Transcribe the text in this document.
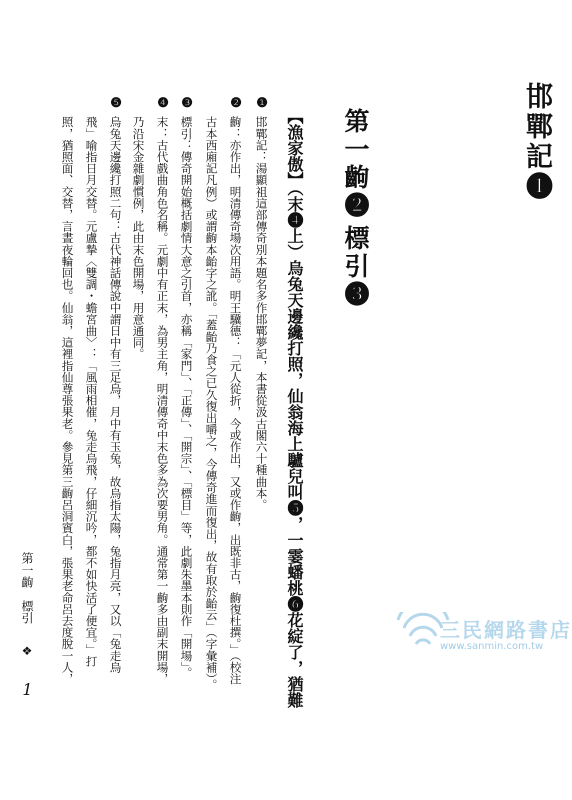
邯鄲記❶
第一齣❷
標引❸
【漁家傲】（末❹上）烏兔天邊纔打照，仙翁海上驢兒叫❺，一霎蟠桃❻花綻了，猶難
❶
邯鄲記：湯顯祖這部傳奇別本題名多作邯鄲夢記，本書從汲古閣六十種曲本。
❷
齣：亦作出，明清傳奇場次用語。明王驥德：「元人從折，今或作出，又或作齣，出既非古，齣復杜撰。」（校注
古本西廂記凡例）或謂齣本齝字之訛。「蓋齝乃食之已久復出嚼之，今傳奇進而復出，故有取於齝云」（字彙補）。
❸
標引：傳奇開始概括劇情大意之引首，亦稱「家門」、「正傳」、「開宗」、「標目」等，此劇朱墨本則作「開場」。
❹
末：古代戲曲角色名稱。元劇中有正末，為男主角，明清傳奇中末色多為次要男角。通常第一齣多由副末開場，
乃沿宋金雜劇慣例，此由末色開場，用意通同。
❺
烏兔天邊纔打照二句：古代神話傳說中謂日中有三足烏，月中有玉兔，故烏指太陽，兔指月亮，又以「兔走烏
飛」喻指日月交替。元盧摯〈雙調・蟾宮曲〉：「風雨相催，兔走烏飛，仔細沉吟，都不如快活了便宜。」打
照，猶照面、交替，言晝夜輪回也。仙翁，這裡指仙尊張果老。參見第三齣呂洞賓白，張果老命呂去度脫一人，
第一齣　標引 ❖ 1
三民網路書店
www.sanmin.com.tw
